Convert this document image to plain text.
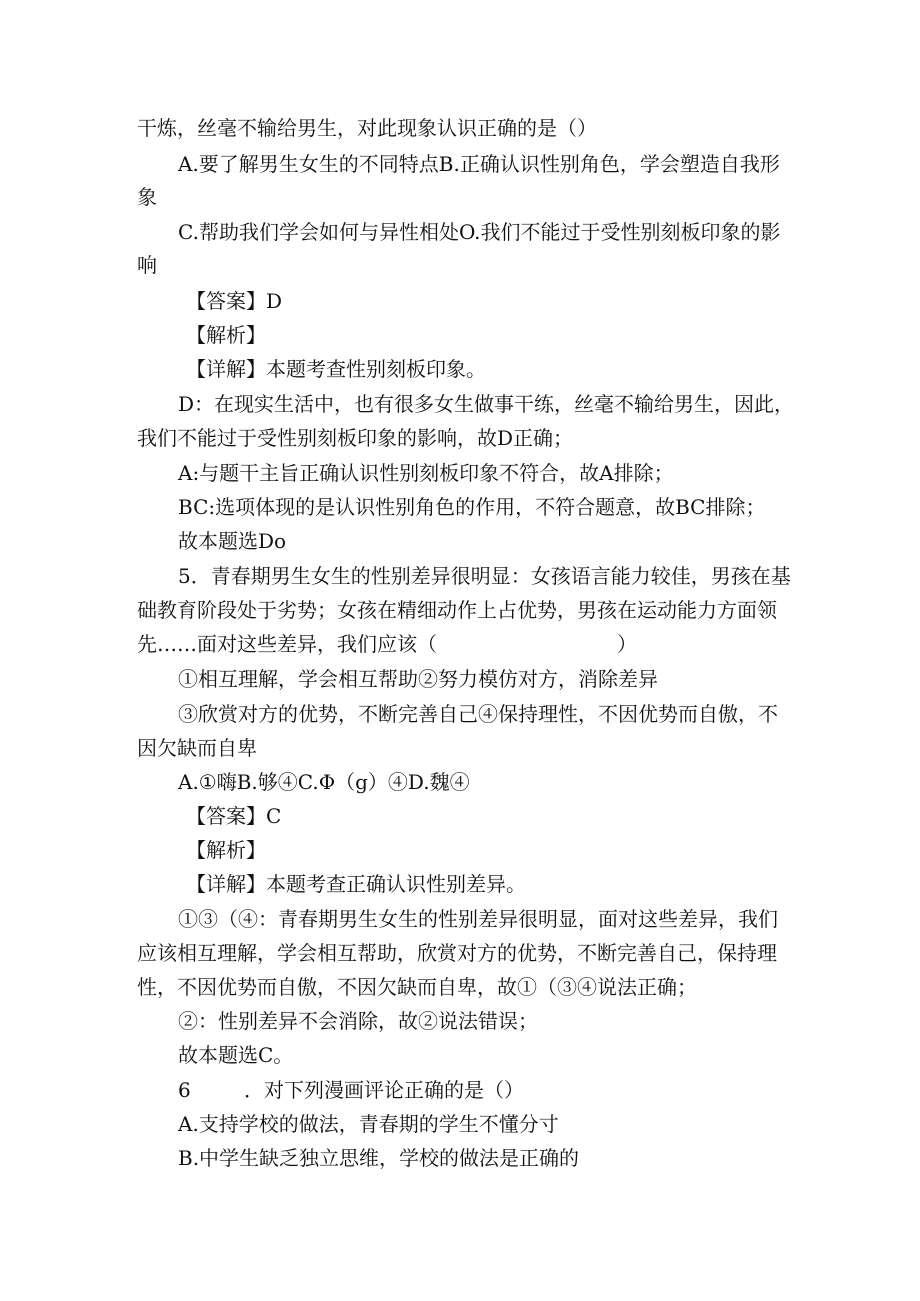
干炼，丝毫不输给男生，对此现象认识正确的是（）
A.要了解男生女生的不同特点B.正确认识性别角色，学会塑造自我形
象
C.帮助我们学会如何与异性相处O.我们不能过于受性别刻板印象的影
响
【答案】D
【解析】
【详解】本题考查性别刻板印象。
D：在现实生活中，也有很多女生做事干练，丝毫不输给男生，因此，
我们不能过于受性别刻板印象的影响，故D正确；
A:与题干主旨正确认识性别刻板印象不符合，故A排除；
BC:选项体现的是认识性别角色的作用，不符合题意，故BC排除；
故本题选Do
5．青春期男生女生的性别差异很明显：女孩语言能力较佳，男孩在基
础教育阶段处于劣势；女孩在精细动作上占优势，男孩在运动能力方面领
先……面对这些差异，我们应该（	）
①相互理解，学会相互帮助②努力模仿对方，消除差异
③欣赏对方的优势，不断完善自己④保持理性，不因优势而自傲，不
因欠缺而自卑
A.①嗨B.够④C.Φ（g）④D.魏④
【答案】C
【解析】
【详解】本题考查正确认识性别差异。
①③（④：青春期男生女生的性别差异很明显，面对这些差异，我们
应该相互理解，学会相互帮助，欣赏对方的优势，不断完善自己，保持理
性，不因优势而自傲，不因欠缺而自卑，故①（③④说法正确；
②：性别差异不会消除，故②说法错误；
故本题选C。
6	．对下列漫画评论正确的是（）
A.支持学校的做法，青春期的学生不懂分寸
B.中学生缺乏独立思维，学校的做法是正确的
